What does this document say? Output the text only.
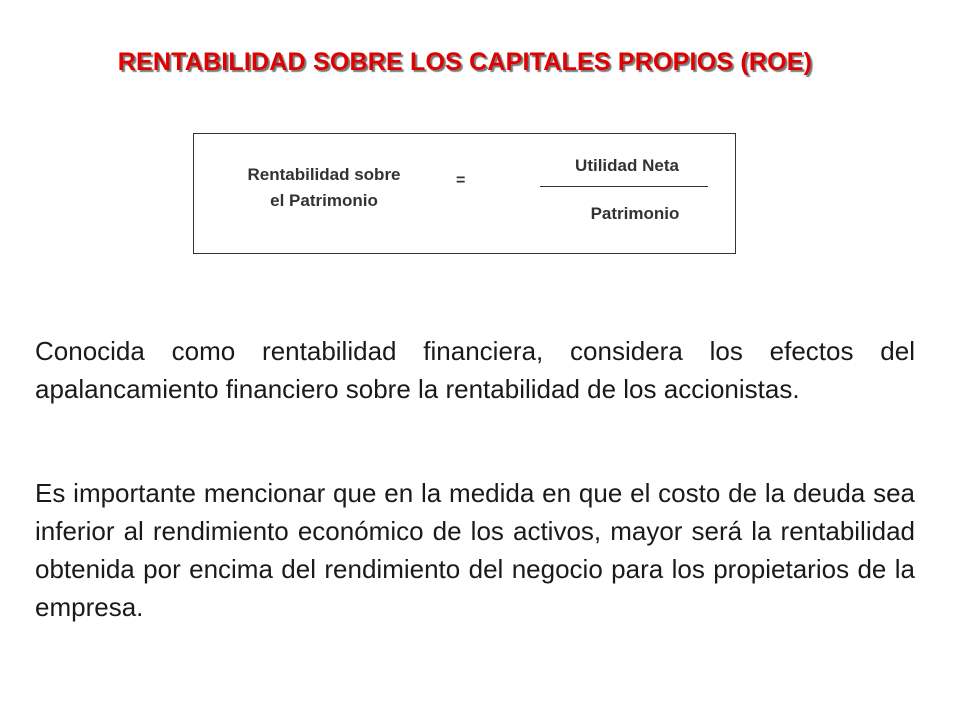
RENTABILIDAD SOBRE LOS CAPITALES PROPIOS (ROE)
Rentabilidad sobre
el Patrimonio
=
Utilidad Neta
Patrimonio

Conocida como rentabilidad financiera, considera los efectos del apalancamiento financiero sobre la rentabilidad de los accionistas.

Es importante mencionar que en la medida en que el costo de la deuda sea inferior al rendimiento económico de los activos, mayor será la rentabilidad obtenida por encima del rendimiento del negocio para los propietarios de la empresa.
